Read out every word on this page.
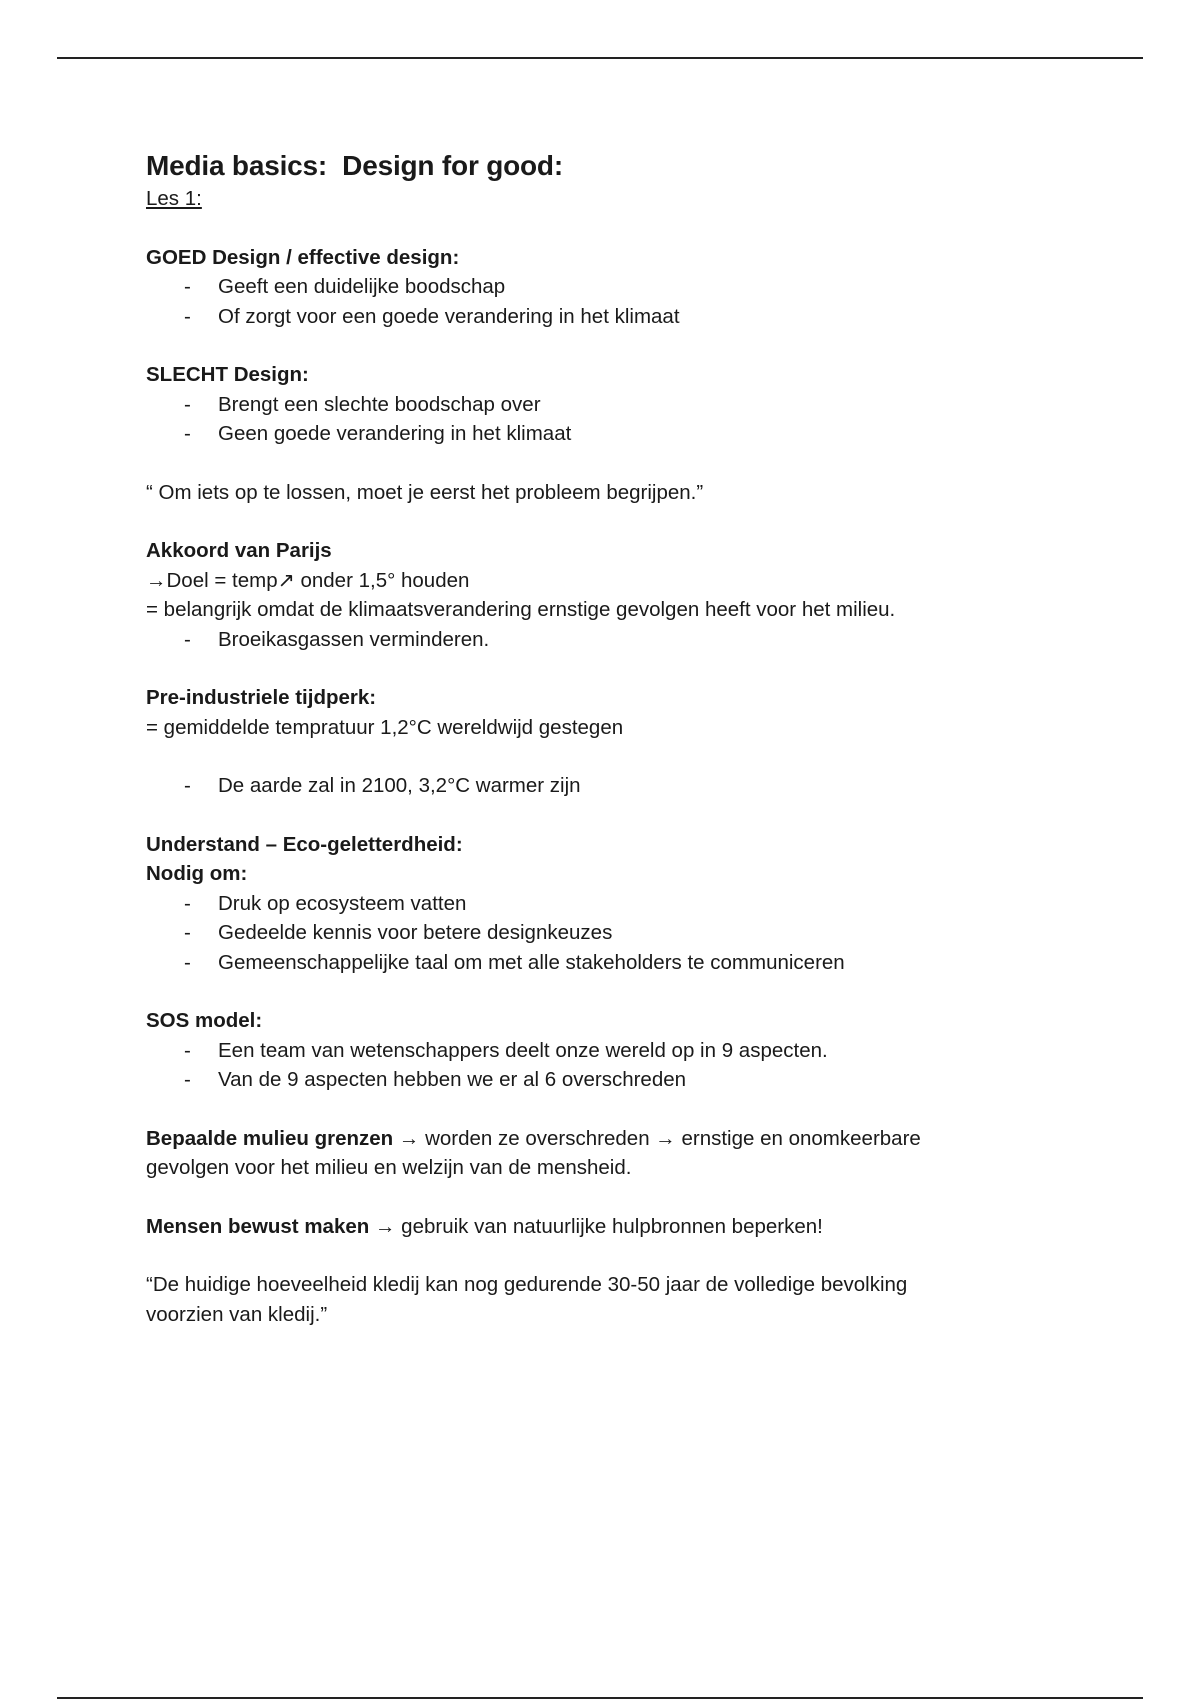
Media basics:  Design for good:

Les 1:

GOED Design / effective design:

- Geeft een duidelijke boodschap
- Of zorgt voor een goede verandering in het klimaat

SLECHT Design:

- Brengt een slechte boodschap over
- Geen goede verandering in het klimaat

“ Om iets op te lossen, moet je eerst het probleem begrijpen.”

Akkoord van Parijs

→Doel = temp↗ onder 1,5° houden

= belangrijk omdat de klimaatsverandering ernstige gevolgen heeft voor het milieu.

- Broeikasgassen verminderen.

Pre-industriele tijdperk:

= gemiddelde tempratuur 1,2°C wereldwijd gestegen

- De aarde zal in 2100, 3,2°C warmer zijn

Understand – Eco-geletterdheid:

Nodig om:

- Druk op ecosysteem vatten
- Gedeelde kennis voor betere designkeuzes
- Gemeenschappelijke taal om met alle stakeholders te communiceren

SOS model:

- Een team van wetenschappers deelt onze wereld op in 9 aspecten.
- Van de 9 aspecten hebben we er al 6 overschreden

Bepaalde mulieu grenzen → worden ze overschreden → ernstige en onomkeerbare

gevolgen voor het milieu en welzijn van de mensheid.

Mensen bewust maken → gebruik van natuurlijke hulpbronnen beperken!

“De huidige hoeveelheid kledij kan nog gedurende 30-50 jaar de volledige bevolking

voorzien van kledij.”
